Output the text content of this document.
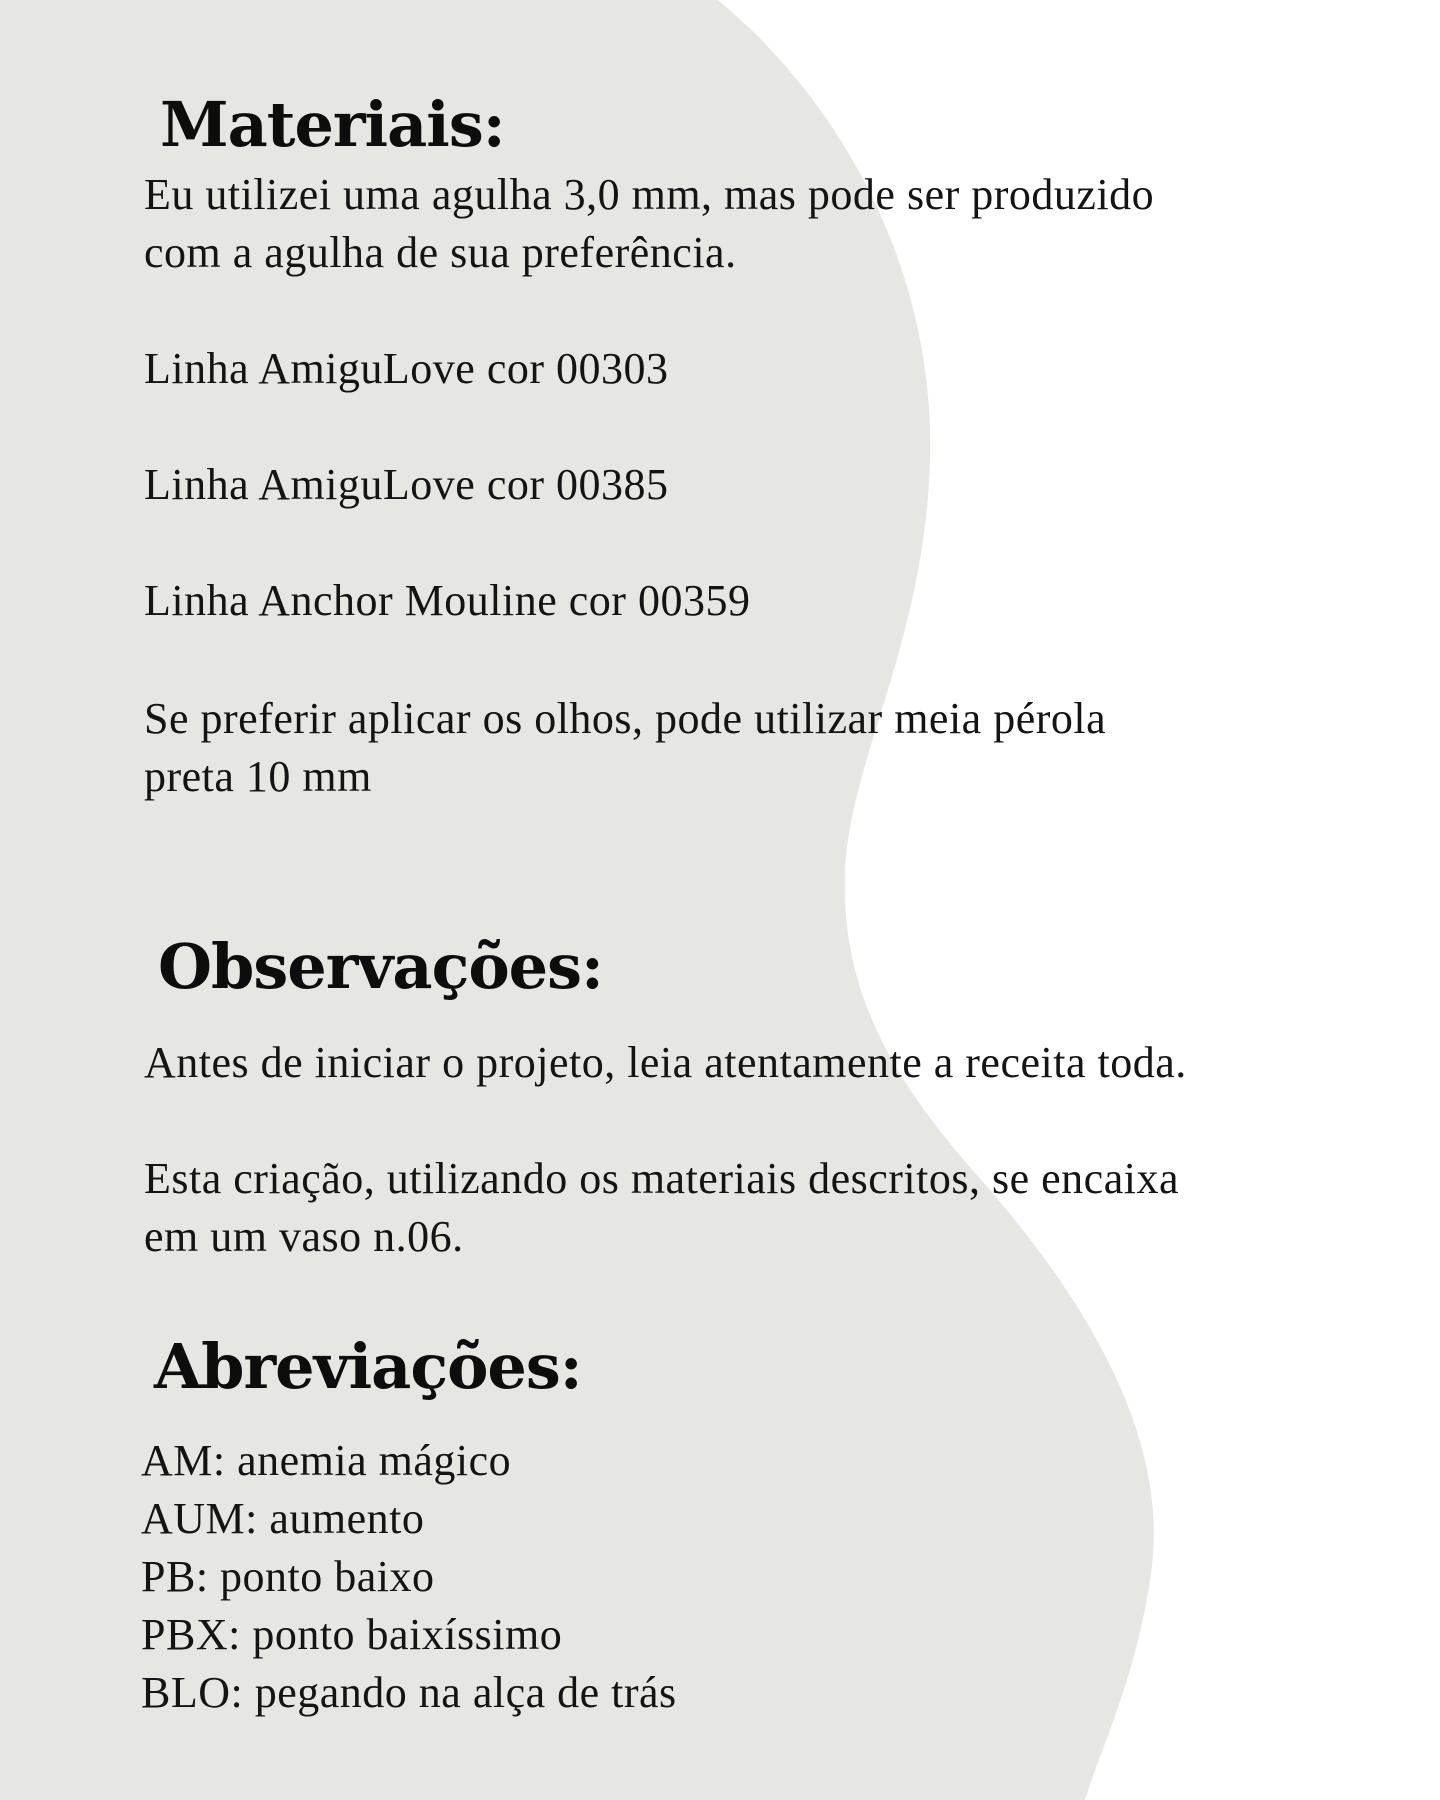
Materiais:

Eu utilizei uma agulha 3,0 mm, mas pode ser produzido

com a agulha de sua preferência.

Linha AmiguLove cor 00303

Linha AmiguLove cor 00385

Linha Anchor Mouline cor 00359

Se preferir aplicar os olhos, pode utilizar meia pérola

preta 10 mm

Observações:

Antes de iniciar o projeto, leia atentamente a receita toda.

Esta criação, utilizando os materiais descritos, se encaixa

em um vaso n.06.

Abreviações:
AM: anemia mágico
AUM: aumento
PB: ponto baixo
PBX: ponto baixíssimo
BLO: pegando na alça de trás
